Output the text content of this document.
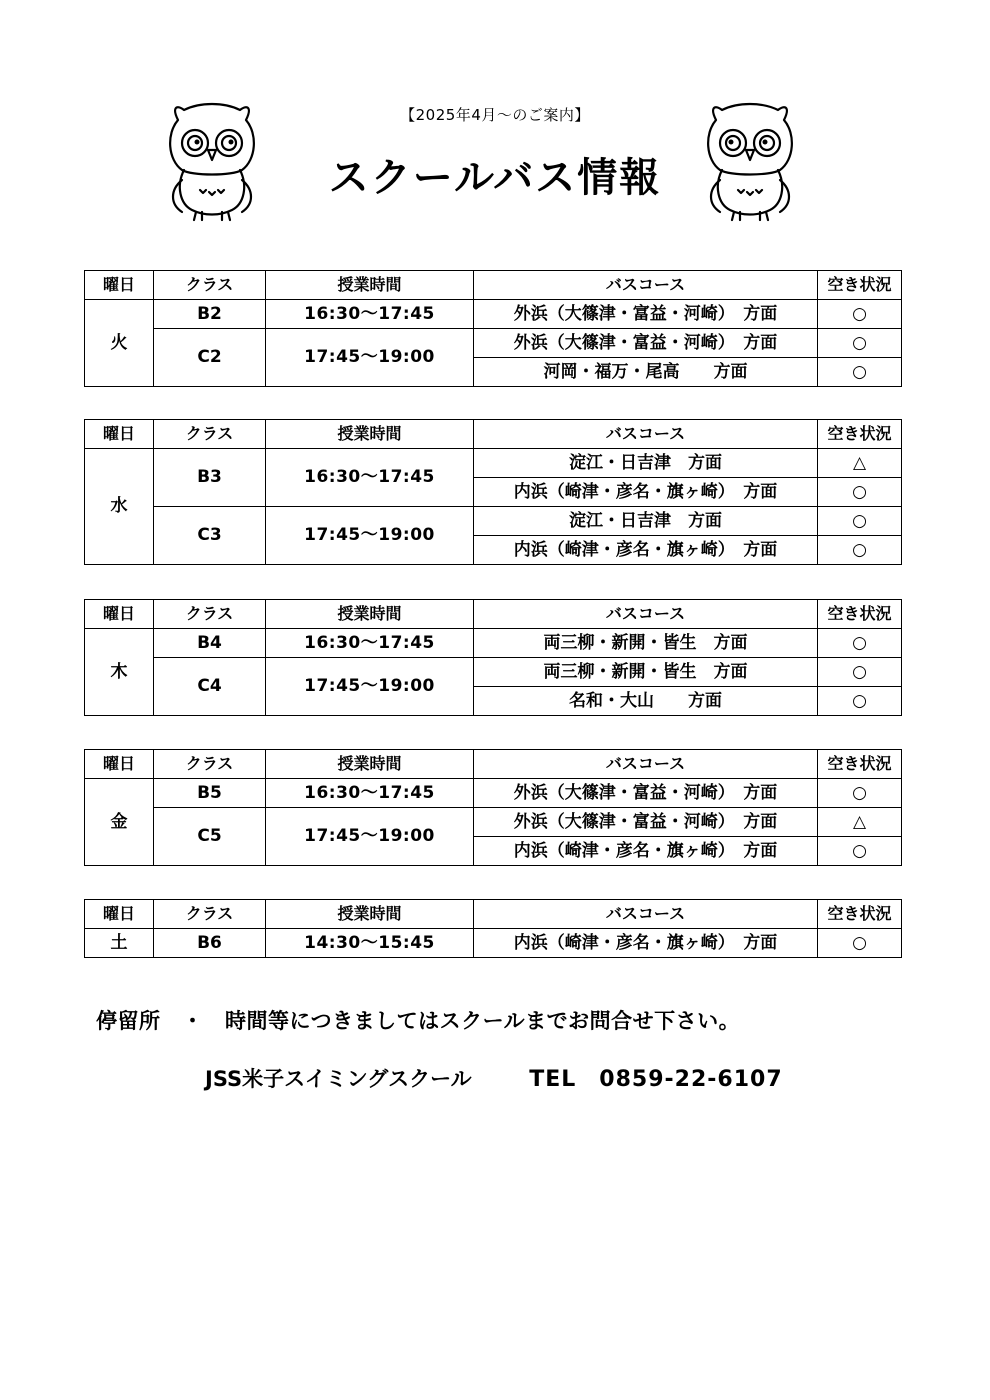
【2025年4月～のご案内】
スクールバス情報
曜日	クラス	授業時間	バスコース	空き状況
火	B2	16:30～17:45	外浜（大篠津・富益・河崎）　方面	○
	C2	17:45～19:00	外浜（大篠津・富益・河崎）　方面	○
			河岡・福万・尾高　　方面	○
曜日	クラス	授業時間	バスコース	空き状況
水	B3	16:30～17:45	淀江・日吉津　方面	△
			内浜（崎津・彦名・旗ヶ崎）　方面	○
	C3	17:45～19:00	淀江・日吉津　方面	○
			内浜（崎津・彦名・旗ヶ崎）　方面	○
曜日	クラス	授業時間	バスコース	空き状況
木	B4	16:30～17:45	両三柳・新開・皆生　方面	○
	C4	17:45～19:00	両三柳・新開・皆生　方面	○
			名和・大山　　方面	○
曜日	クラス	授業時間	バスコース	空き状況
金	B5	16:30～17:45	外浜（大篠津・富益・河崎）　方面	○
	C5	17:45～19:00	外浜（大篠津・富益・河崎）　方面	△
			内浜（崎津・彦名・旗ヶ崎）　方面	○
曜日	クラス	授業時間	バスコース	空き状況
土	B6	14:30～15:45	内浜（崎津・彦名・旗ヶ崎）　方面	○
停留所　・　時間等につきましてはスクールまでお問合せ下さい。
JSS米子スイミングスクール	TEL　0859-22-6107
